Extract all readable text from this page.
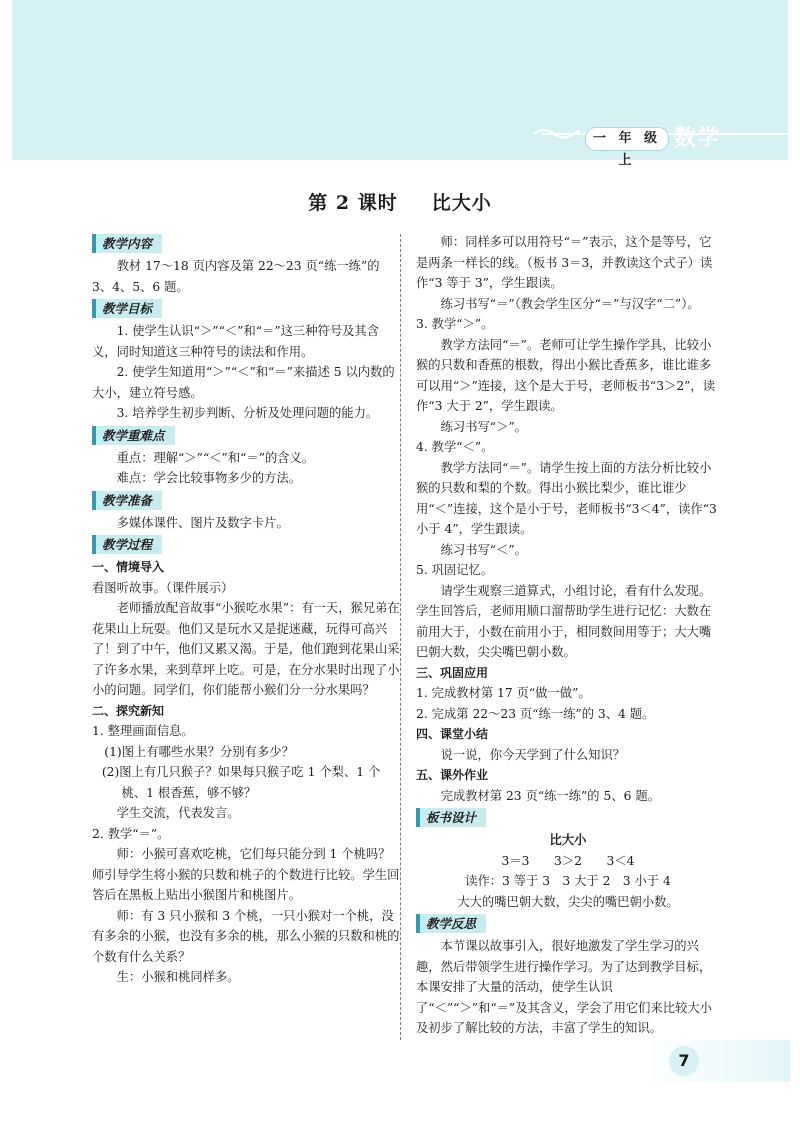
一 年 级 上
数学
第 2 课时 比大小
教学内容

教材 17～18 页内容及第 22～23 页“练一练”的 3、4、5、6 题。

教学目标

1. 使学生认识“＞”“＜”和“＝”这三种符号及其含义，同时知道这三种符号的读法和作用。

2. 使学生知道用“＞”“＜”和“＝”来描述 5 以内数的大小，建立符号感。

3. 培养学生初步判断、分析及处理问题的能力。

教学重难点

重点：理解“＞”“＜”和“＝”的含义。

难点：学会比较事物多少的方法。

教学准备

多媒体课件、图片及数字卡片。

教学过程

一、情境导入

看图听故事。（课件展示）

老师播放配音故事“小猴吃水果”：有一天，猴兄弟在花果山上玩耍。他们又是玩水又是捉迷藏，玩得可高兴了！到了中午，他们又累又渴。于是，他们跑到花果山采了许多水果，来到草坪上吃。可是，在分水果时出现了小小的问题。同学们，你们能帮小猴们分一分水果吗？

二、探究新知

1. 整理画面信息。

(1)图上有哪些水果？分别有多少？

(2)图上有几只猴子？如果每只猴子吃 1 个梨、1 个桃、1 根香蕉，够不够？

学生交流，代表发言。

2. 教学“＝”。

师：小猴可喜欢吃桃，它们每只能分到 1 个桃吗？师引导学生将小猴的只数和桃子的个数进行比较。学生回答后在黑板上贴出小猴图片和桃图片。

师：有 3 只小猴和 3 个桃，一只小猴对一个桃，没有多余的小猴，也没有多余的桃，那么小猴的只数和桃的个数有什么关系？

生：小猴和桃同样多。

师：同样多可以用符号“＝”表示，这个是等号，它是两条一样长的线。（板书 3＝3，并教读这个式子）读作“3 等于 3”，学生跟读。

练习书写“＝”（教会学生区分“＝”与汉字“二”）。

3. 教学“＞”。

教学方法同“＝”。老师可让学生操作学具，比较小猴的只数和香蕉的根数，得出小猴比香蕉多，谁比谁多可以用“＞”连接，这个是大于号，老师板书“3＞2”，读作“3 大于 2”，学生跟读。

练习书写“＞”。

4. 教学“＜”。

教学方法同“＝”。请学生按上面的方法分析比较小猴的只数和梨的个数。得出小猴比梨少，谁比谁少用“＜”连接，这个是小于号，老师板书“3＜4”，读作“3 小于 4”，学生跟读。

练习书写“＜”。

5. 巩固记忆。

请学生观察三道算式，小组讨论，看有什么发现。学生回答后，老师用顺口溜帮助学生进行记忆：大数在前用大于，小数在前用小于，相同数间用等于；大大嘴巴朝大数，尖尖嘴巴朝小数。

三、巩固应用

1. 完成教材第 17 页“做一做”。

2. 完成第 22～23 页“练一练”的 3、4 题。

四、课堂小结

说一说，你今天学到了什么知识？

五、课外作业

完成教材第 23 页“练一练”的 5、6 题。

板书设计

比大小

3＝3　　3＞2　　3＜4

读作：3 等于 3　3 大于 2　3 小于 4

大大的嘴巴朝大数，尖尖的嘴巴朝小数。

教学反思

本节课以故事引入，很好地激发了学生学习的兴趣，然后带领学生进行操作学习。为了达到教学目标，本课安排了大量的活动，使学生认识了“＜”“＞”和“＝”及其含义，学会了用它们来比较大小及初步了解比较的方法，丰富了学生的知识。

7
